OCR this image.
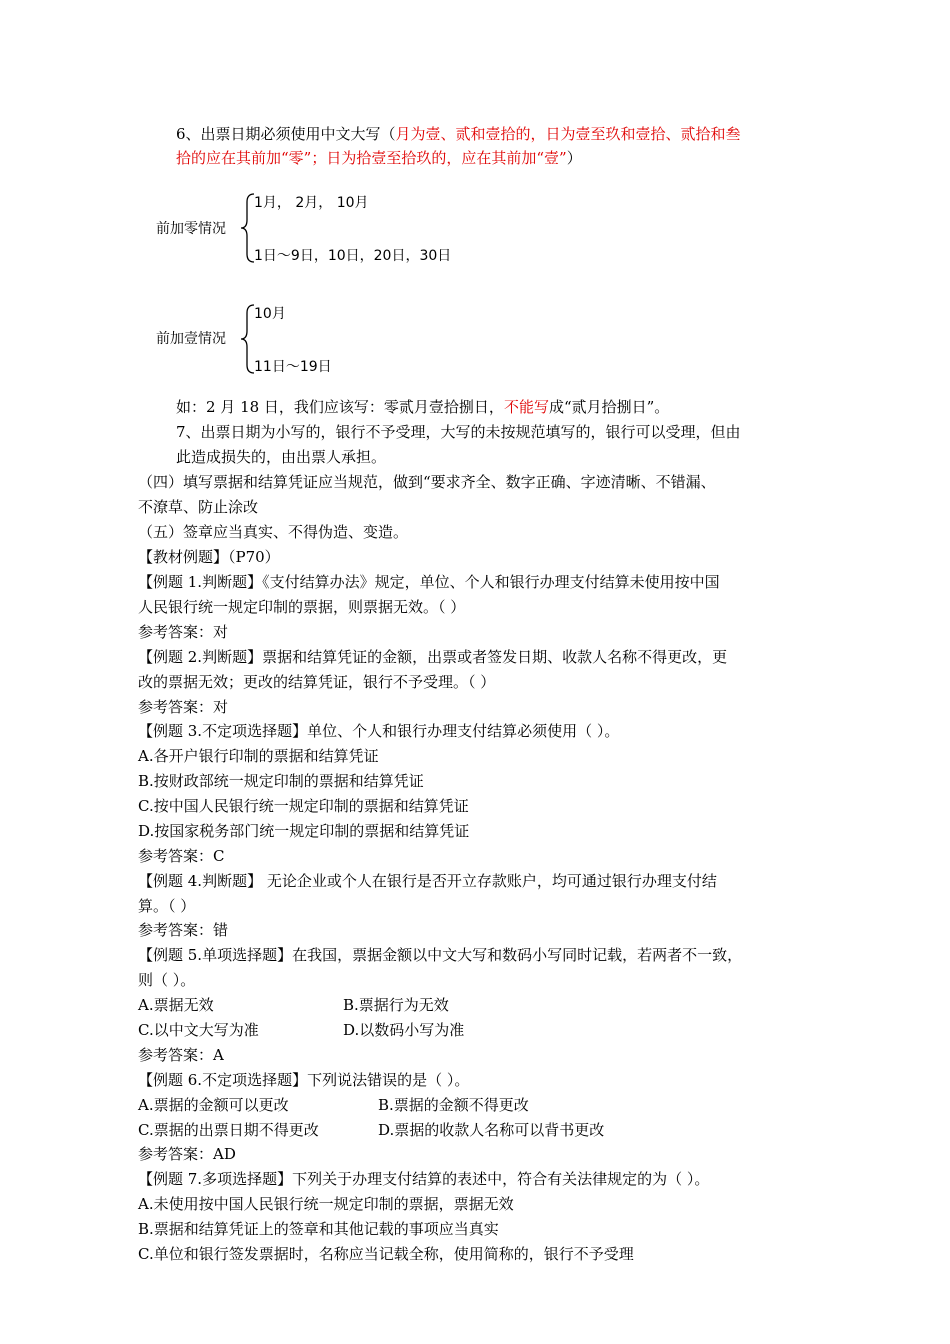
6、出票日期必须使用中文大写（月为壹、贰和壹拾的，日为壹至玖和壹拾、贰拾和叁
拾的应在其前加“零”；日为拾壹至拾玖的，应在其前加“壹”）
前加零情况
1月， 2月， 10月
1日～9日，10日，20日，30日
前加壹情况
10月
11日～19日
如：2 月 18 日，我们应该写：零贰月壹拾捌日，不能写成“贰月拾捌日”。
7、出票日期为小写的，银行不予受理，大写的未按规范填写的，银行可以受理，但由
此造成损失的，由出票人承担。
（四）填写票据和结算凭证应当规范，做到“要求齐全、数字正确、字迹清晰、不错漏、
不潦草、防止涂改
（五）签章应当真实、不得伪造、变造。
【教材例题】（P70）
【例题 1.判断题】《支付结算办法》规定，单位、个人和银行办理支付结算未使用按中国
人民银行统一规定印制的票据，则票据无效。（ ）
参考答案：对
【例题 2.判断题】票据和结算凭证的金额，出票或者签发日期、收款人名称不得更改，更
改的票据无效；更改的结算凭证，银行不予受理。（ ）
参考答案：对
【例题 3.不定项选择题】单位、个人和银行办理支付结算必须使用（ ）。
A.各开户银行印制的票据和结算凭证
B.按财政部统一规定印制的票据和结算凭证
C.按中国人民银行统一规定印制的票据和结算凭证
D.按国家税务部门统一规定印制的票据和结算凭证
参考答案：C
【例题 4.判断题】 无论企业或个人在银行是否开立存款账户，均可通过银行办理支付结
算。（ ）
参考答案：错
【例题 5.单项选择题】在我国，票据金额以中文大写和数码小写同时记载，若两者不一致，
则（ ）。
A.票据无效	B.票据行为无效
C.以中文大写为准	D.以数码小写为准
参考答案：A
【例题 6.不定项选择题】下列说法错误的是（ ）。
A.票据的金额可以更改	B.票据的金额不得更改
C.票据的出票日期不得更改	D.票据的收款人名称可以背书更改
参考答案：AD
【例题 7.多项选择题】下列关于办理支付结算的表述中，符合有关法律规定的为（ ）。
A.未使用按中国人民银行统一规定印制的票据，票据无效
B.票据和结算凭证上的签章和其他记载的事项应当真实
C.单位和银行签发票据时，名称应当记载全称，使用简称的，银行不予受理
